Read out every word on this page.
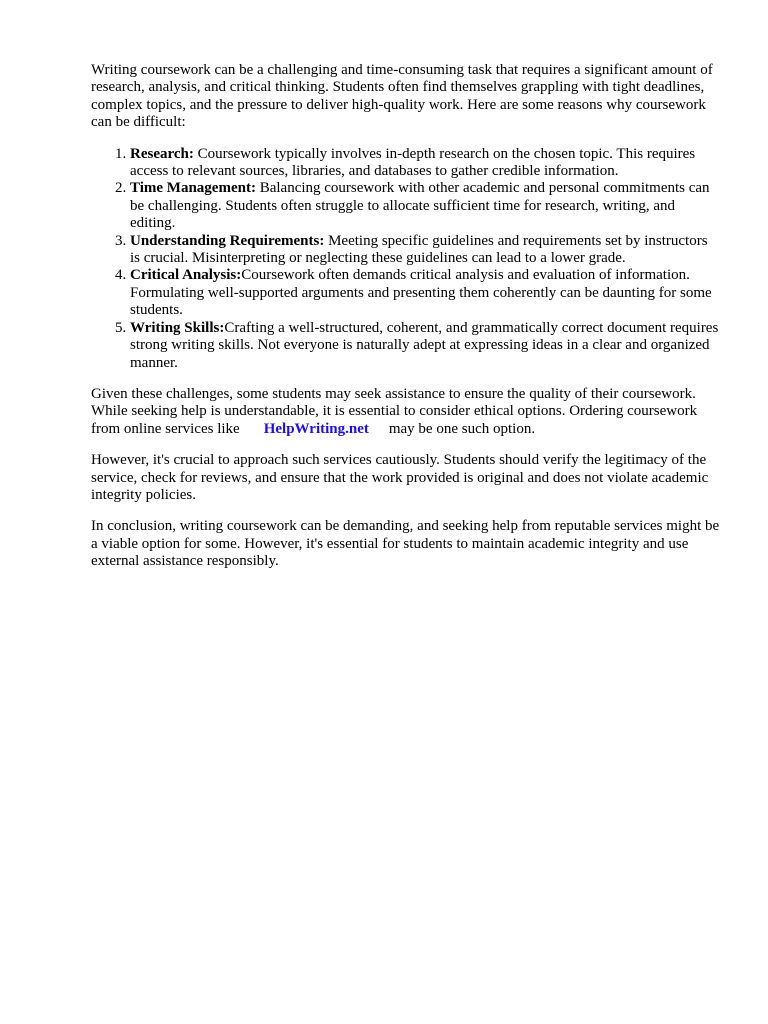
Writing coursework can be a challenging and time-consuming task that requires a significant amount of research, analysis, and critical thinking. Students often find themselves grappling with tight deadlines, complex topics, and the pressure to deliver high-quality work. Here are some reasons why coursework can be difficult:

1. Research: Coursework typically involves in-depth research on the chosen topic. This requires access to relevant sources, libraries, and databases to gather credible information.
2. Time Management: Balancing coursework with other academic and personal commitments can be challenging. Students often struggle to allocate sufficient time for research, writing, and editing.
3. Understanding Requirements: Meeting specific guidelines and requirements set by instructors is crucial. Misinterpreting or neglecting these guidelines can lead to a lower grade.
4. Critical Analysis:Coursework often demands critical analysis and evaluation of information. Formulating well-supported arguments and presenting them coherently can be daunting for some students.
5. Writing Skills:Crafting a well-structured, coherent, and grammatically correct document requires strong writing skills. Not everyone is naturally adept at expressing ideas in a clear and organized manner.

Given these challenges, some students may seek assistance to ensure the quality of their coursework. While seeking help is understandable, it is essential to consider ethical options. Ordering coursework from online services like HelpWriting.net may be one such option.

However, it's crucial to approach such services cautiously. Students should verify the legitimacy of the service, check for reviews, and ensure that the work provided is original and does not violate academic integrity policies.

In conclusion, writing coursework can be demanding, and seeking help from reputable services might be a viable option for some. However, it's essential for students to maintain academic integrity and use external assistance responsibly.
